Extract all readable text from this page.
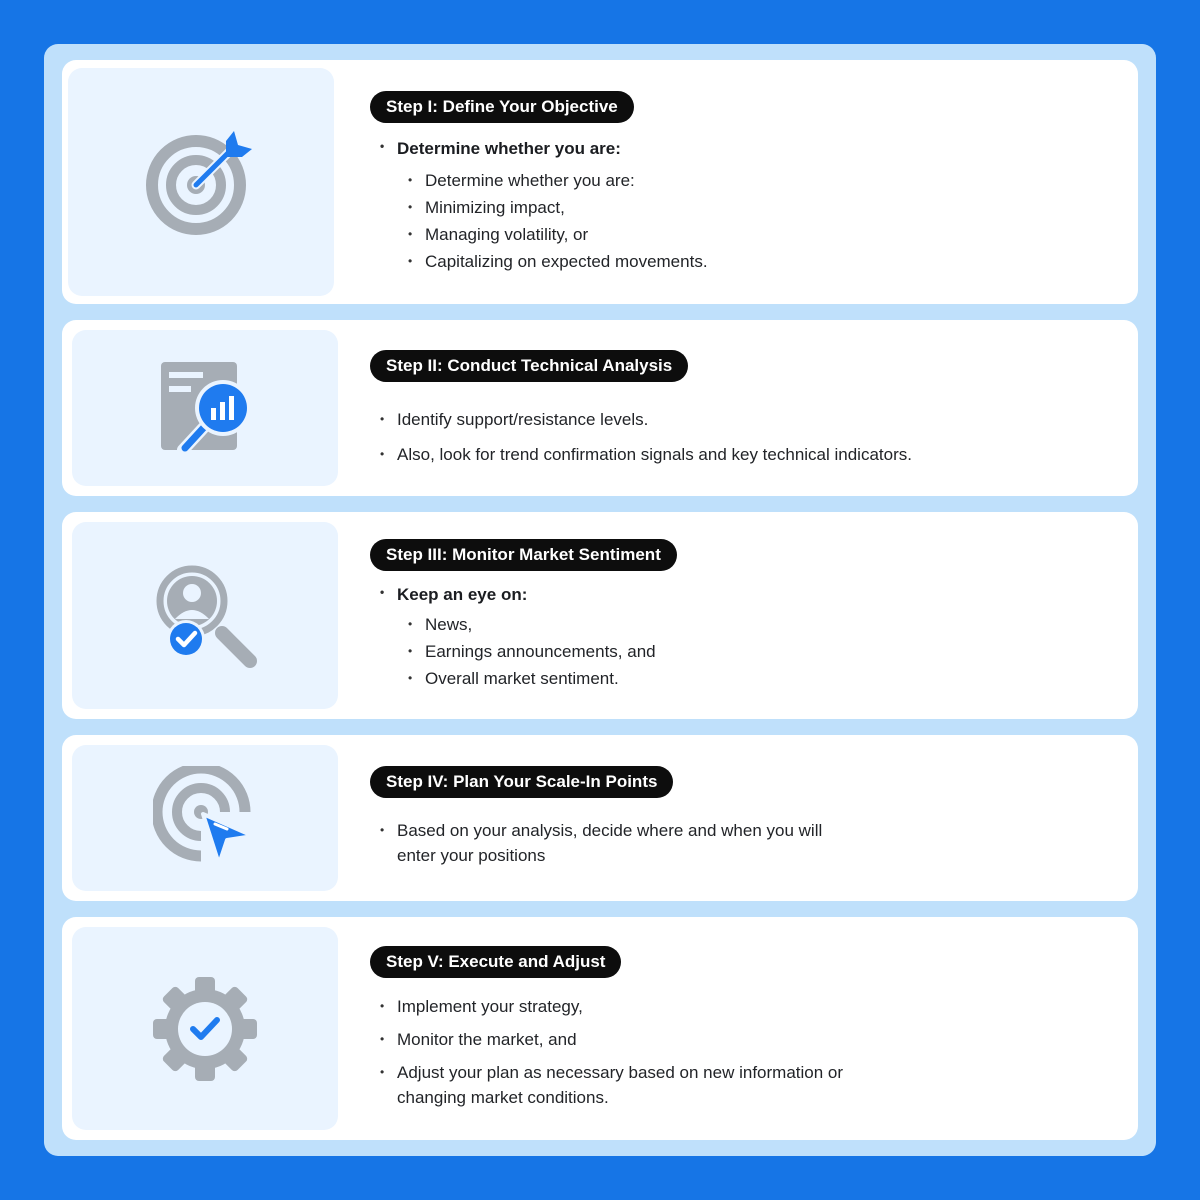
Step I: Define Your Objective
• Determine whether you are:
• Determine whether you are:
• Minimizing impact,
• Managing volatility, or
• Capitalizing on expected movements.
Step II: Conduct Technical Analysis
• Identify support/resistance levels.
• Also, look for trend confirmation signals and key technical indicators.
Step III: Monitor Market Sentiment
• Keep an eye on:
• News,
• Earnings announcements, and
• Overall market sentiment.
Step IV: Plan Your Scale-In Points
• Based on your analysis, decide where and when you will
enter your positions
Step V: Execute and Adjust
• Implement your strategy,
• Monitor the market, and
• Adjust your plan as necessary based on new information or
changing market conditions.
